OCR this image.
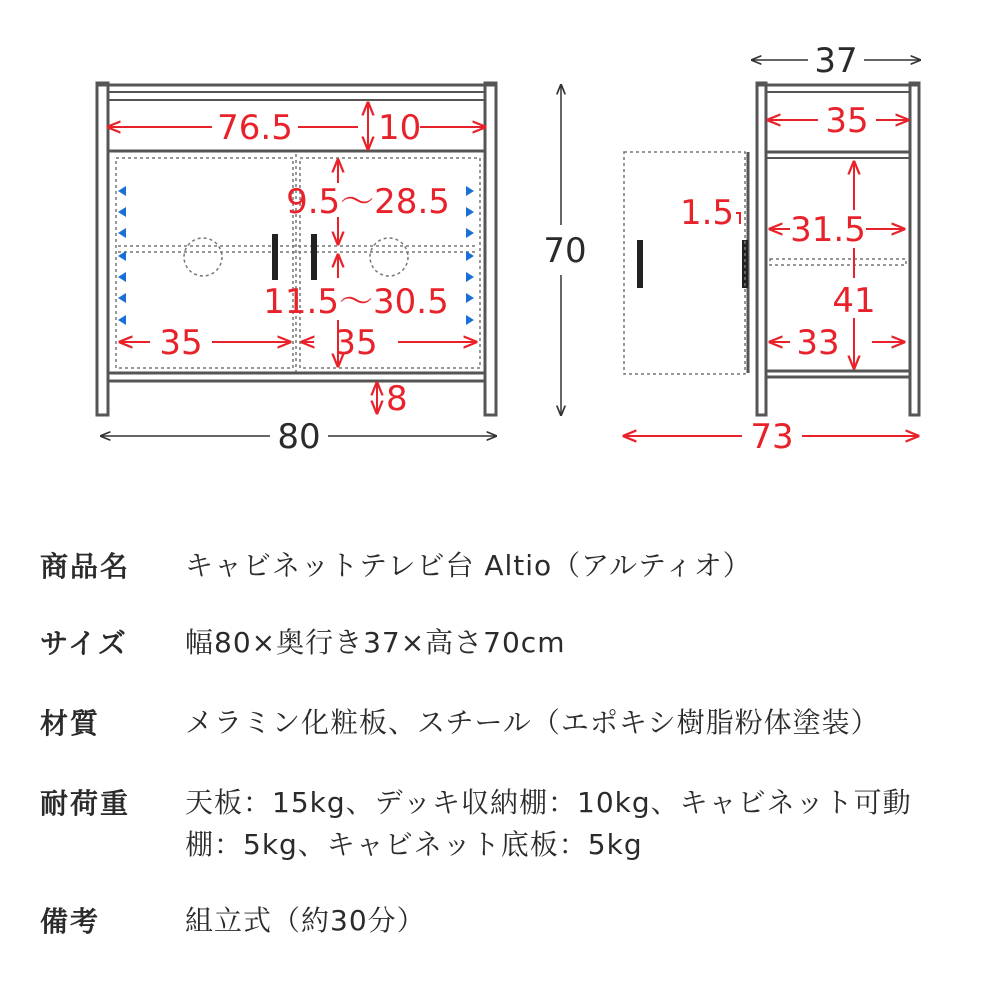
76.5	10
9.5～28.5
11.5～30.5
35	35
8
80
70
37
35
1.5 31.5
41
33
73
商品名 キャビネットテレビ台 Altio（アルティオ）
サイズ 幅80×奥行き37×高さ70cm
材質	メラミン化粧板、スチール（エポキシ樹脂粉体塗装）
耐荷重 天板：15kg、デッキ収納棚：10kg、キャビネット可動棚：5kg、キャビネット底板：5kg
備考	組立式（約30分）
